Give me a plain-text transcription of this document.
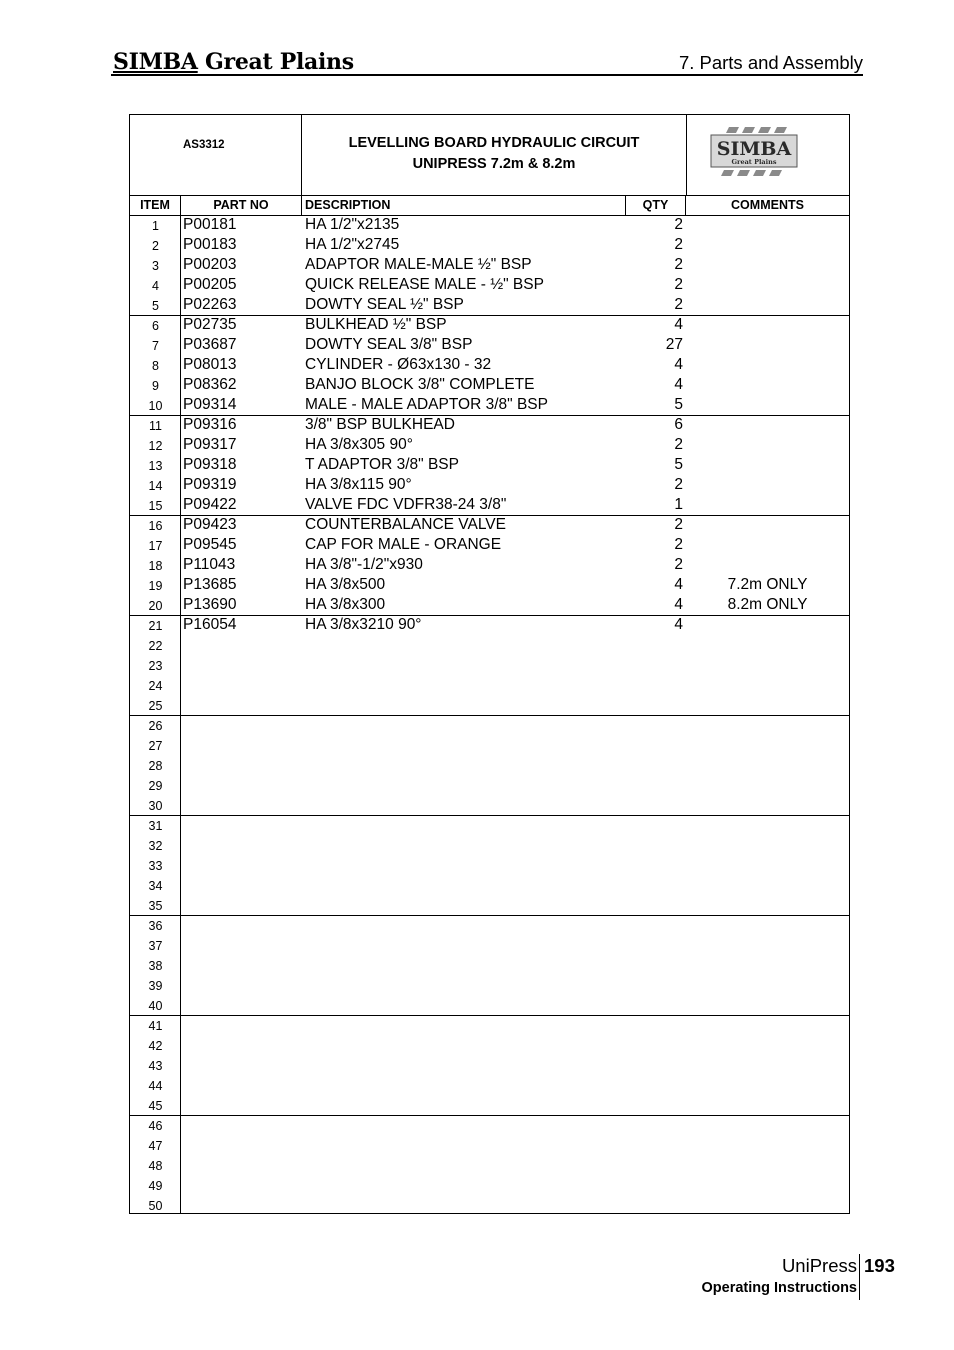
SIMBA Great Plains	7. Parts and Assembly
AS3312	LEVELLING BOARD HYDRAULIC CIRCUIT
UNIPRESS 7.2m & 8.2m
SIMBA
Great Plains
ITEM	PART NO	DESCRIPTION	QTY	COMMENTS
1	P00181	HA 1/2"x2135	2
2	P00183	HA 1/2"x2745	2
3	P00203	ADAPTOR MALE-MALE ½" BSP	2
4	P00205	QUICK RELEASE MALE - ½" BSP	2
5	P02263	DOWTY SEAL ½" BSP	2
6	P02735	BULKHEAD ½" BSP	4
7	P03687	DOWTY SEAL 3/8" BSP	27
8	P08013	CYLINDER - Ø63x130 - 32	4
9	P08362	BANJO BLOCK 3/8" COMPLETE	4
10	P09314	MALE - MALE ADAPTOR 3/8" BSP	5
11	P09316	3/8" BSP BULKHEAD	6
12	P09317	HA 3/8x305 90°	2
13	P09318	T ADAPTOR 3/8" BSP	5
14	P09319	HA 3/8x115 90°	2
15	P09422	VALVE FDC VDFR38-24 3/8"	1
16	P09423	COUNTERBALANCE VALVE	2
17	P09545	CAP FOR MALE - ORANGE	2
18	P11043	HA 3/8"-1/2"x930	2
19	P13685	HA 3/8x500	4	7.2m ONLY
20	P13690	HA 3/8x300	4	8.2m ONLY
21	P16054	HA 3/8x3210 90°	4
22
23
24
25
26
27
28
29
30
31
32
33
34
35
36
37
38
39
40
41
42
43
44
45
46
47
48
49
50
UniPress 193
Operating Instructions
